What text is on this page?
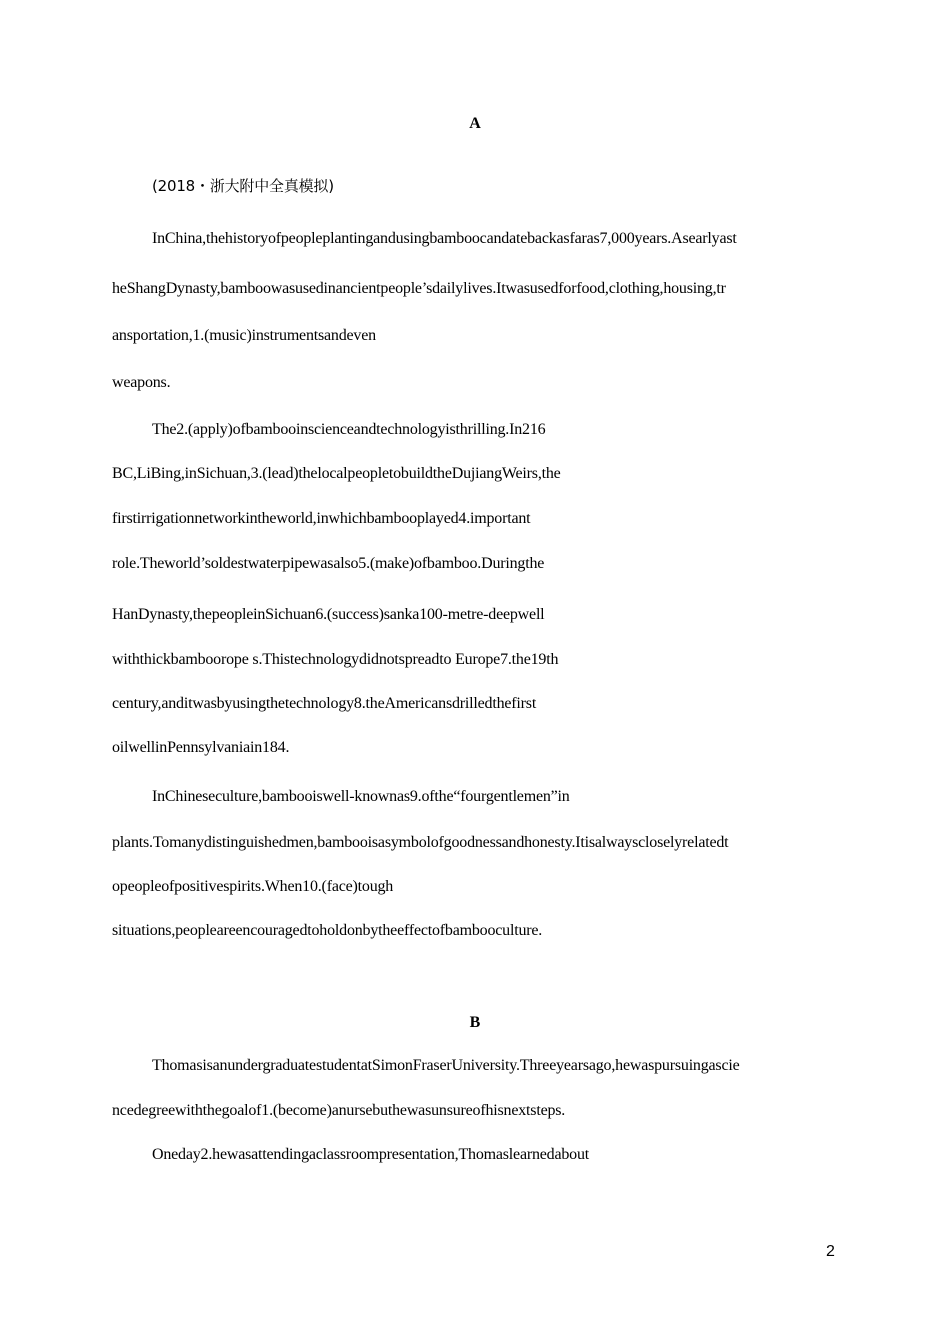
A
(2018・浙大附中全真模拟)
InChina,thehistoryofpeopleplantingandusingbamboocandatebackasfaras7,000years.Asearlyast
heShangDynasty,bamboowasusedinancientpeople’sdailylives.Itwasusedforfood,clothing,housing,tr
ansportation,1.(music)instrumentsandeven
weapons.
The2.(apply)ofbambooinscienceandtechnologyisthrilling.In216
BC,LiBing,inSichuan,3.(lead)thelocalpeopletobuildtheDujiangWeirs,the
firstirrigationnetworkintheworld,inwhichbambooplayed4.important
role.Theworld’soldestwaterpipewasalso5.(make)ofbamboo.Duringthe
HanDynasty,thepeopleinSichuan6.(success)sanka100-metre-deepwell
withthickbamboorope s.Thistechnologydidnotspreadto Europe7.the19th
century,anditwasbyusingthetechnology8.theAmericansdrilledthefirst
oilwellinPennsylvaniain184.
InChineseculture,bambooiswell-knownas9.ofthe“fourgentlemen”in
plants.Tomanydistinguishedmen,bambooisasymbolofgoodnessandhonesty.Itisalwayscloselyrelatedt
opeopleofpositivespirits.When10.(face)tough
situations,peopleareencouragedtoholdonbytheeffectofbambooculture.
B
ThomasisanundergraduatestudentatSimonFraserUniversity.Threeyearsago,hewaspursuingascie
ncedegreewiththegoalof1.(become)anursebuthewasunsureofhisnextsteps.
Oneday2.hewasattendingaclassroompresentation,Thomaslearnedabout
2
